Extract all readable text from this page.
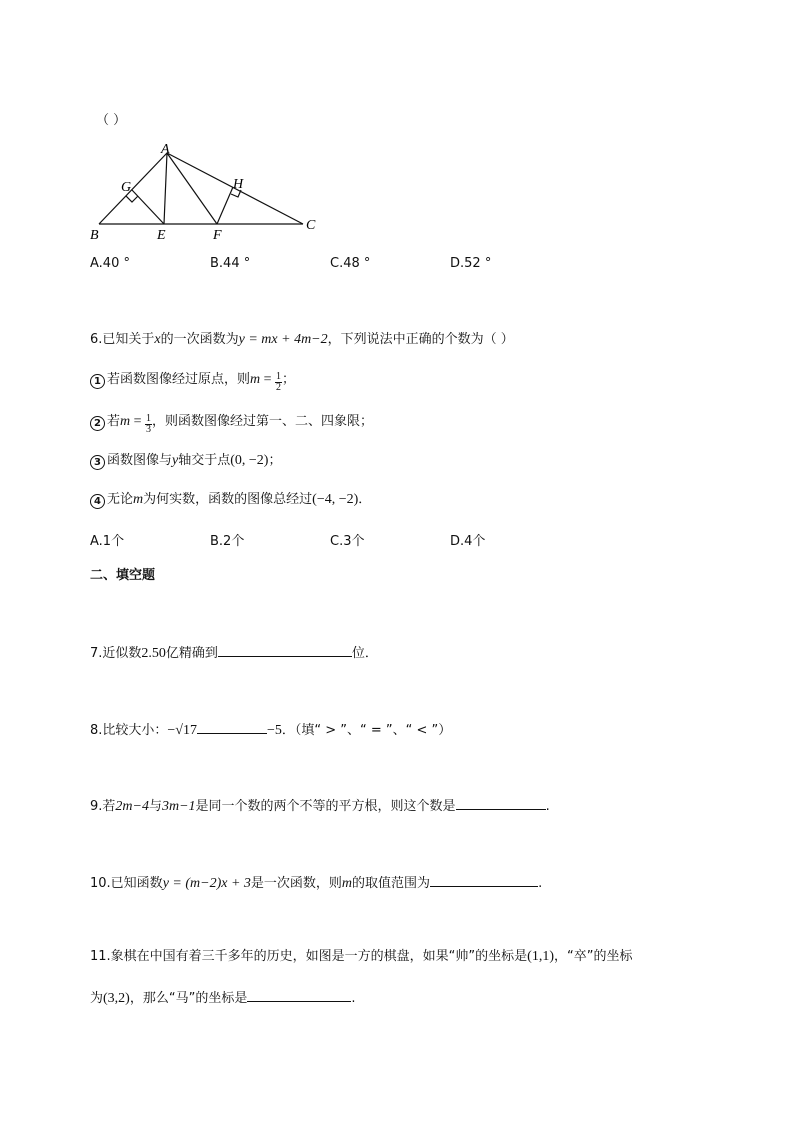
（ ）
A
B
C
E	F
G	H
A.40 °	B.44 °	C.48 °	D.52 °
6.已知关于x的一次函数为y = mx + 4m−2，下列说法中正确的个数为（ ）
1 若函数图像经过原点，则$m = \frac{1}{2}$ ；
2 若$m = \frac{1}{3}$ ，则函数图像经过第一、二、四象限；
3 函数图像与y轴交于点(0, −2)；
4 无论m为何实数，函数的图像总经过(−4, −2)．
A.1个	B.2个	C.3个	D.4个
二、填空题
7.近似数2.50亿精确到	位．
8.比较大小：−√17	−5．（填“ > ”、“ = ”、“ < ”）
9.若2m−4与3m−1是同一个数的两个不等的平方根，则这个数是	.
10.已知函数y = (m−2)x + 3是一次函数，则m的取值范围为	.
11.象棋在中国有着三千多年的历史，如图是一方的棋盘，如果“帅”的坐标是(1,1)，“卒”的坐标
为(3,2)，那么“马”的坐标是	.
